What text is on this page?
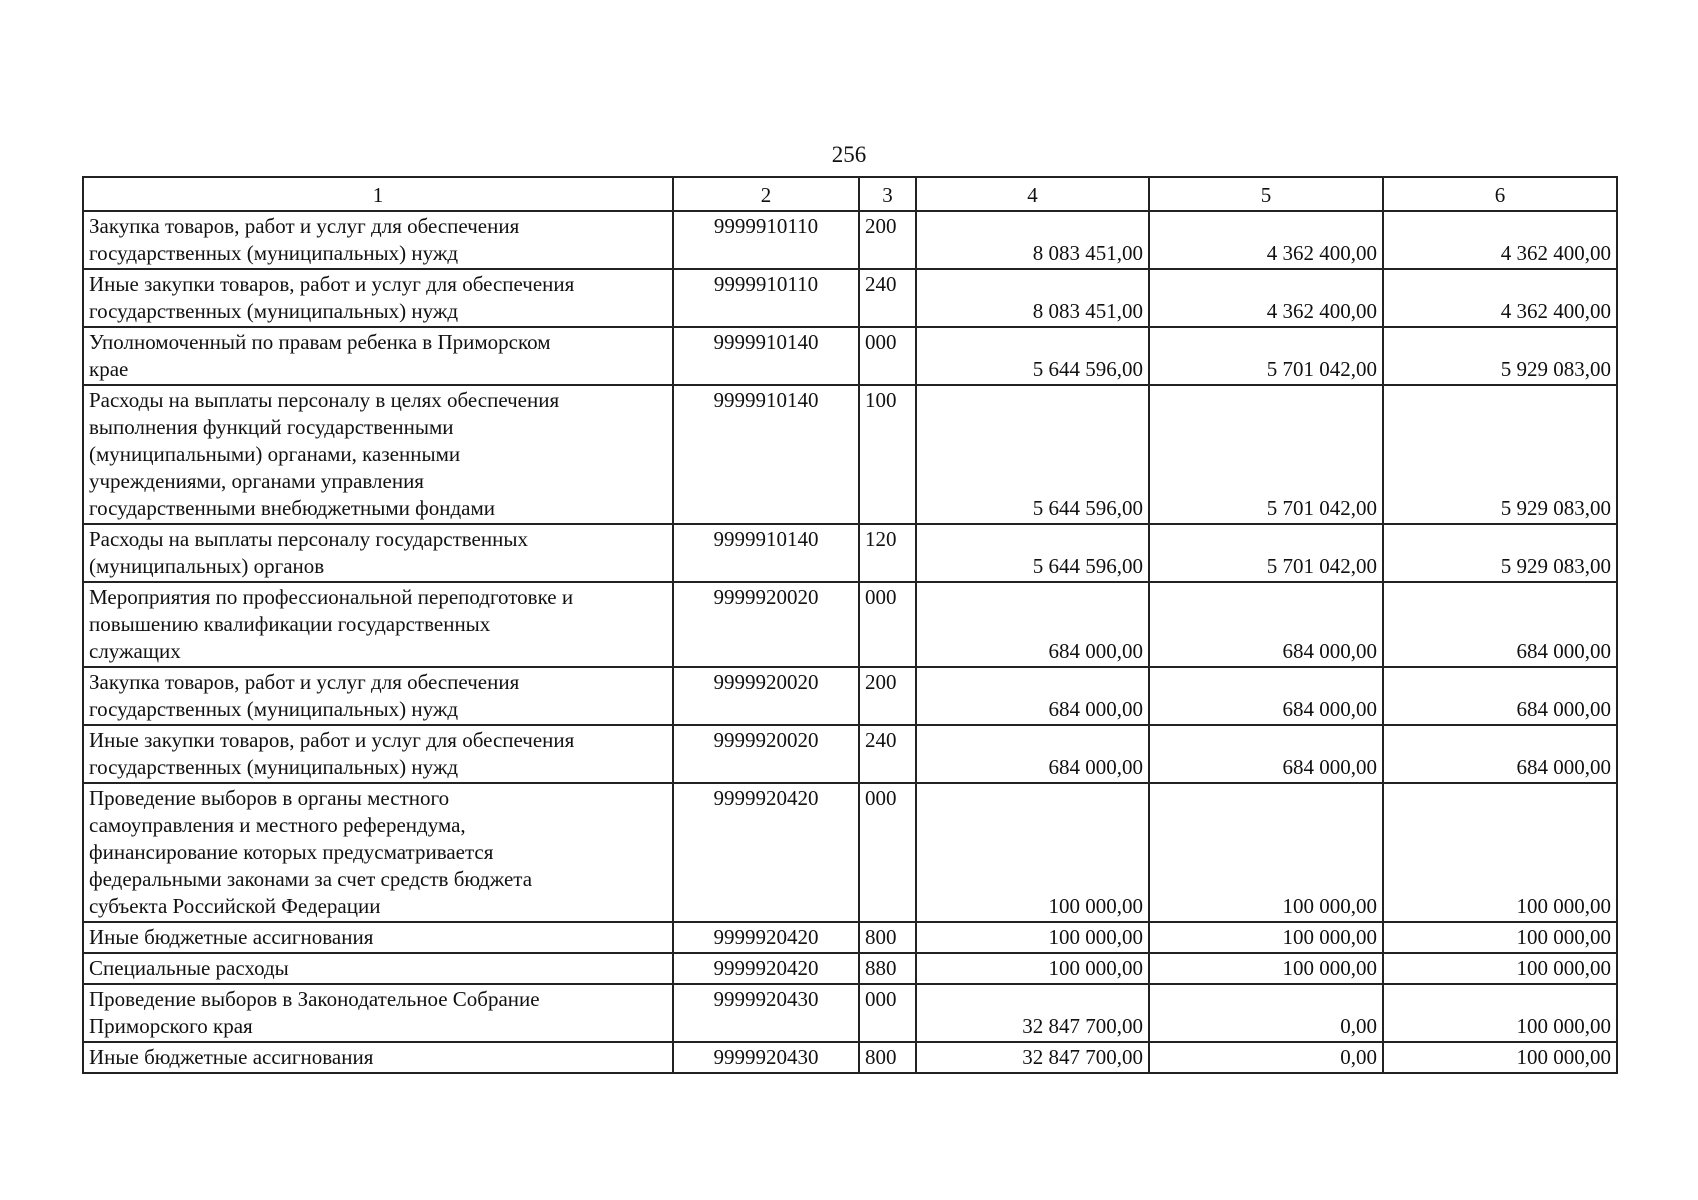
256
1	2	3	4	5	6

Закупка товаров, работ и услуг для обеспечения
государственных (муниципальных) нужд	9999910110	200	8 083 451,00	4 362 400,00	4 362 400,00

Иные закупки товаров, работ и услуг для обеспечения
государственных (муниципальных) нужд	9999910110	240	8 083 451,00	4 362 400,00	4 362 400,00

Уполномоченный по правам ребенка в Приморском
крае	9999910140	000	5 644 596,00	5 701 042,00	5 929 083,00

Расходы на выплаты персоналу в целях обеспечения
выполнения функций государственными
(муниципальными) органами, казенными
учреждениями, органами управления
государственными внебюджетными фондами	9999910140	100	5 644 596,00	5 701 042,00	5 929 083,00

Расходы на выплаты персоналу государственных
(муниципальных) органов	9999910140	120	5 644 596,00	5 701 042,00	5 929 083,00

Мероприятия по профессиональной переподготовке и
повышению квалификации государственных
служащих	9999920020	000	684 000,00	684 000,00	684 000,00

Закупка товаров, работ и услуг для обеспечения
государственных (муниципальных) нужд	9999920020	200	684 000,00	684 000,00	684 000,00

Иные закупки товаров, работ и услуг для обеспечения
государственных (муниципальных) нужд	9999920020	240	684 000,00	684 000,00	684 000,00

Проведение выборов в органы местного
самоуправления и местного референдума,
финансирование которых предусматривается
федеральными законами за счет средств бюджета
субъекта Российской Федерации	9999920420	000	100 000,00	100 000,00	100 000,00

Иные бюджетные ассигнования	9999920420	800	100 000,00	100 000,00	100 000,00

Специальные расходы	9999920420	880	100 000,00	100 000,00	100 000,00

Проведение выборов в Законодательное Собрание
Приморского края	9999920430	000	32 847 700,00	0,00	100 000,00

Иные бюджетные ассигнования	9999920430	800	32 847 700,00	0,00	100 000,00
